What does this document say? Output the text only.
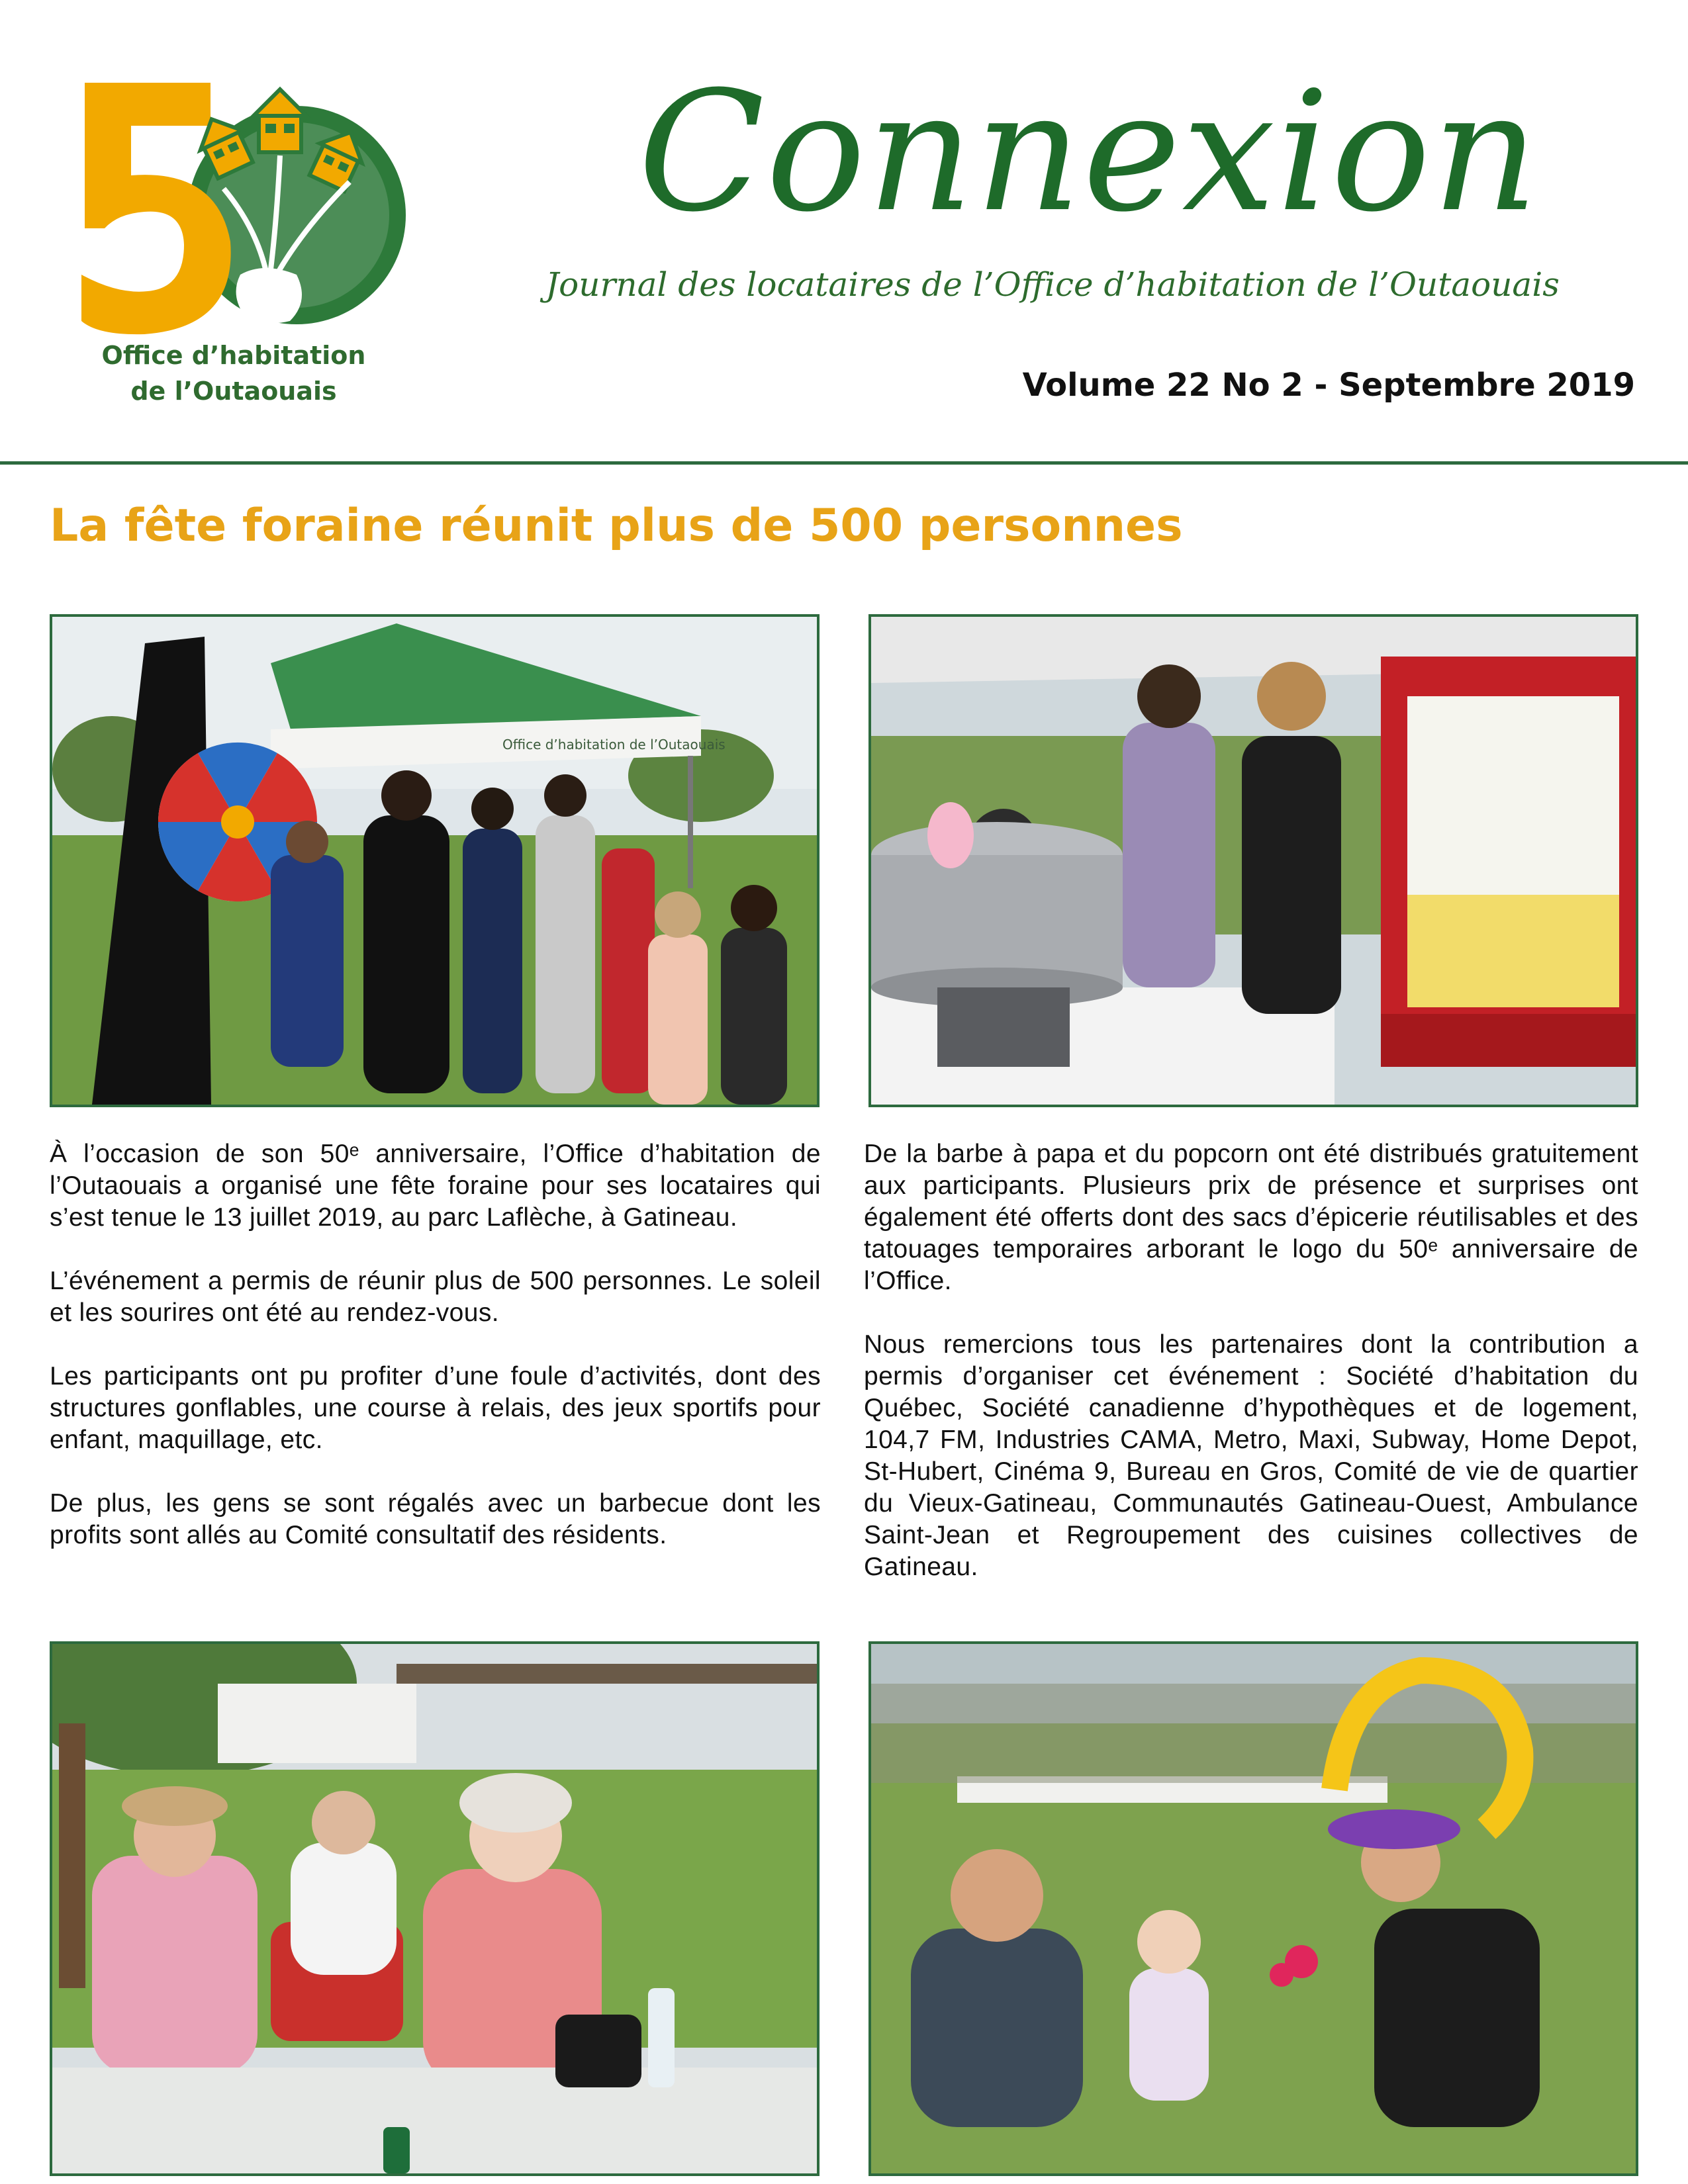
Office d’habitation
de l’Outaouais
Connexion
Journal des locataires de l’Office d’habitation de l’Outaouais
Volume 22 No 2 - Septembre 2019
La fête foraine réunit plus de 500 personnes
Office d’habitation de l’Outaouais

À l’occasion de son 50ᵉ anniversaire, l’Office d’habitation de l’Outaouais a organisé une fête foraine pour ses locataires qui s’est tenue le 13 juillet 2019, au parc Laflèche, à Gatineau.

L’événement a permis de réunir plus de 500 personnes. Le soleil et les sourires ont été au rendez-vous.

Les participants ont pu profiter d’une foule d’activités, dont des structures gonflables, une course à relais, des jeux sportifs pour enfant, maquillage, etc.

De plus, les gens se sont régalés avec un barbecue dont les profits sont allés au Comité consultatif des résidents.

De la barbe à papa et du popcorn ont été distribués gratuitement aux participants. Plusieurs prix de présence et surprises ont également été offerts dont des sacs d’épicerie réutilisables et des tatouages temporaires arborant le logo du 50ᵉ anniversaire de l’Office.

Nous remercions tous les partenaires dont la contribution a permis d’organiser cet événement : Société d’habitation du Québec, Société canadienne d’hypothèques et de logement, 104,7 FM, Industries CAMA, Metro, Maxi, Subway, Home Depot, St-Hubert, Cinéma 9, Bureau en Gros, Comité de vie de quartier du Vieux-Gatineau, Communautés Gatineau-Ouest, Ambulance Saint-Jean et Regroupement des cuisines collectives de Gatineau.
